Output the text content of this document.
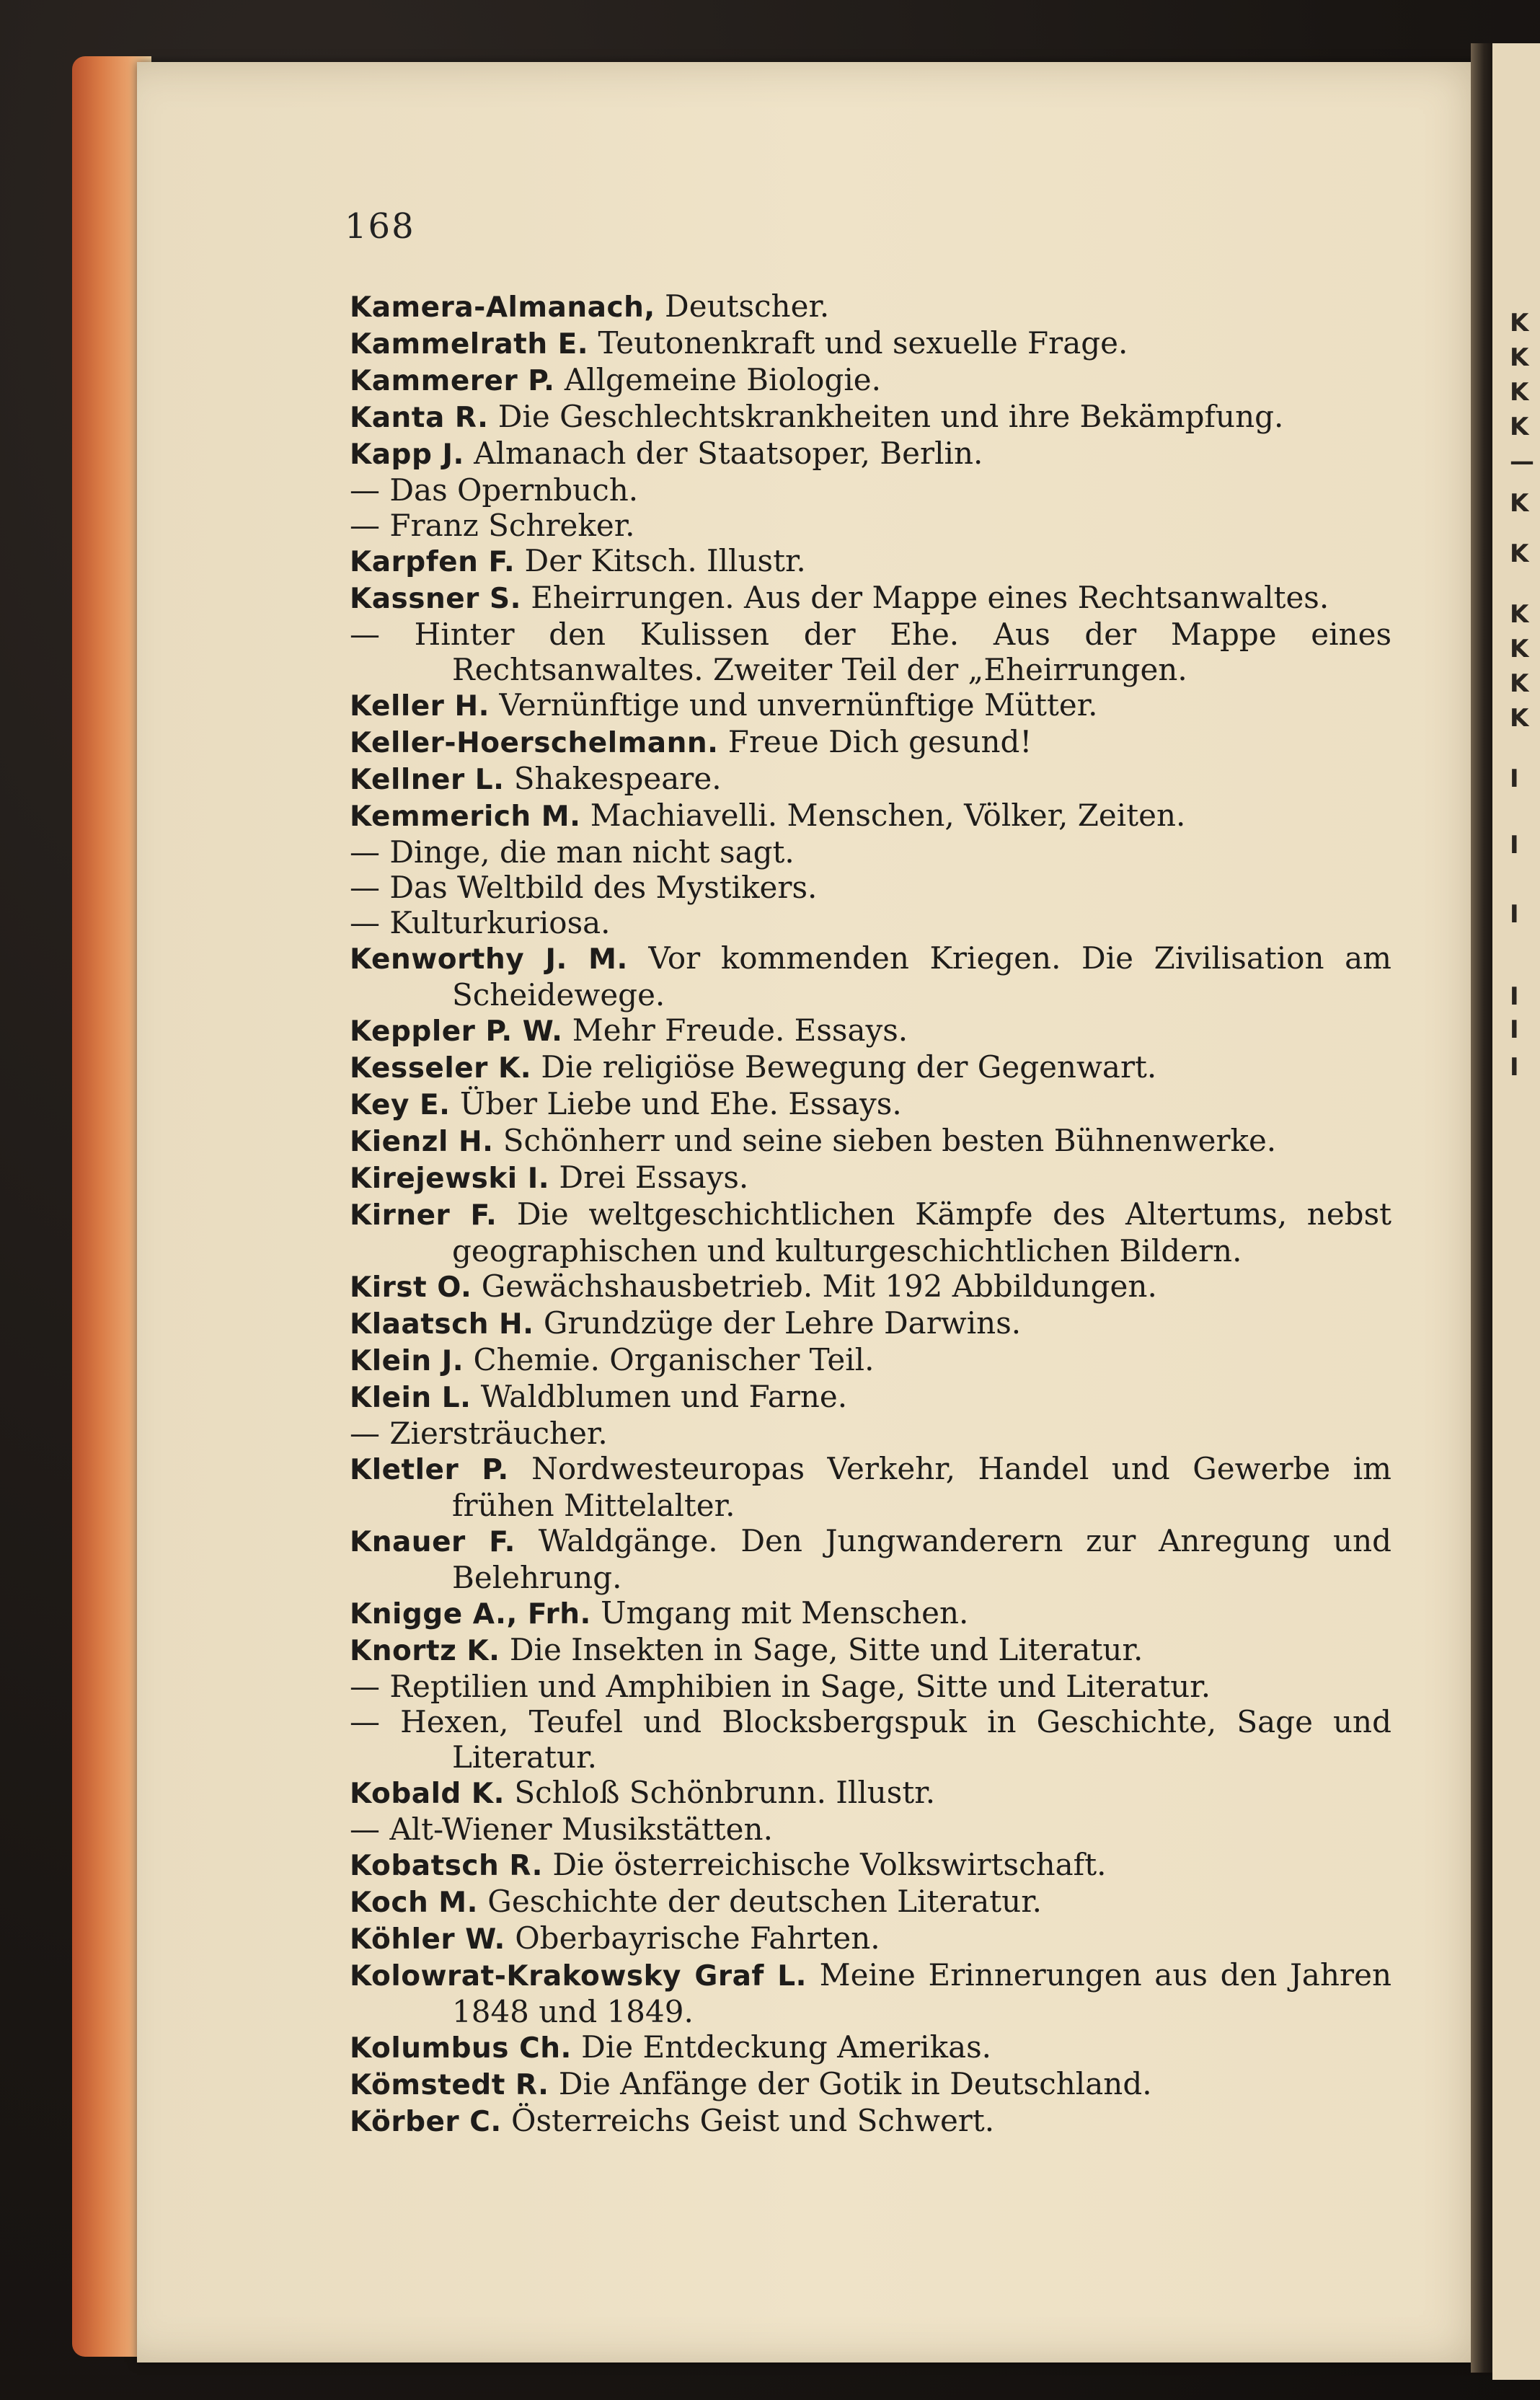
K
K
K
K
—
K
K
K
K
K
K
I
I
I
I
I
I
168

Kamera-Almanach, Deutscher.

Kammelrath E. Teutonenkraft und sexuelle Frage.

Kammerer P. Allgemeine Biologie.

Kanta R. Die Geschlechtskrankheiten und ihre Bekämpfung.

Kapp J. Almanach der Staatsoper, Berlin.

— Das Opernbuch.

— Franz Schreker.

Karpfen F. Der Kitsch. Illustr.

Kassner S. Eheirrungen. Aus der Mappe eines Rechtsanwaltes.

— Hinter den Kulissen der Ehe. Aus der Mappe eines Rechtsanwaltes. Zweiter Teil der „Eheirrungen.

Keller H. Vernünftige und unvernünftige Mütter.

Keller-Hoerschelmann. Freue Dich gesund!

Kellner L. Shakespeare.

Kemmerich M. Machiavelli. Menschen, Völker, Zeiten.

— Dinge, die man nicht sagt.

— Das Weltbild des Mystikers.

— Kulturkuriosa.

Kenworthy J. M. Vor kommenden Kriegen. Die Zivilisation am Scheidewege.

Keppler P. W. Mehr Freude. Essays.

Kesseler K. Die religiöse Bewegung der Gegenwart.

Key E. Über Liebe und Ehe. Essays.

Kienzl H. Schönherr und seine sieben besten Bühnenwerke.

Kirejewski I. Drei Essays.

Kirner F. Die weltgeschichtlichen Kämpfe des Altertums, nebst geographischen und kulturgeschichtlichen Bildern.

Kirst O. Gewächshausbetrieb. Mit 192 Abbildungen.

Klaatsch H. Grundzüge der Lehre Darwins.

Klein J. Chemie. Organischer Teil.

Klein L. Waldblumen und Farne.

— Ziersträucher.

Kletler P. Nordwesteuropas Verkehr, Handel und Gewerbe im frühen Mittelalter.

Knauer F. Waldgänge. Den Jungwanderern zur Anregung und Belehrung.

Knigge A., Frh. Umgang mit Menschen.

Knortz K. Die Insekten in Sage, Sitte und Literatur.

— Reptilien und Amphibien in Sage, Sitte und Literatur.

— Hexen, Teufel und Blocksbergspuk in Geschichte, Sage und Literatur.

Kobald K. Schloß Schönbrunn. Illustr.

— Alt-Wiener Musikstätten.

Kobatsch R. Die österreichische Volkswirtschaft.

Koch M. Geschichte der deutschen Literatur.

Köhler W. Oberbayrische Fahrten.

Kolowrat-Krakowsky Graf L. Meine Erinnerungen aus den Jahren 1848 und 1849.

Kolumbus Ch. Die Entdeckung Amerikas.

Kömstedt R. Die Anfänge der Gotik in Deutschland.

Körber C. Österreichs Geist und Schwert.
